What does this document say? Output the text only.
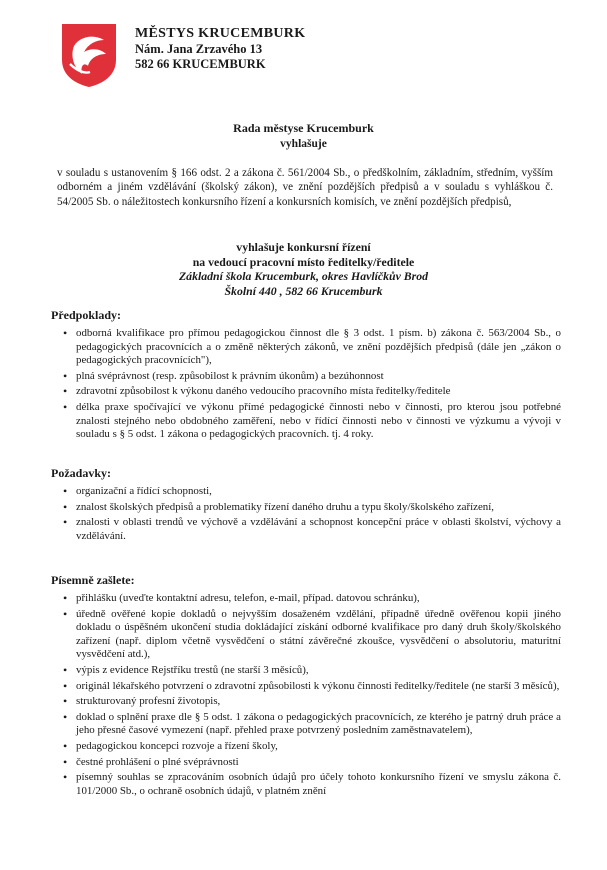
MĚSTYS KRUCEMBURK
Nám. Jana Zrzavého 13
582 66 KRUCEMBURK
Rada městyse Krucemburk
vyhlašuje
v souladu s ustanovením § 166 odst. 2 a zákona č. 561/2004 Sb., o předškolním, základním, středním, vyšším odborném a jiném vzdělávání (školský zákon), ve znění pozdějších předpisů a v souladu s vyhláškou č. 54/2005 Sb. o náležitostech konkursního řízení a konkursních komisích, ve znění pozdějších předpisů,
vyhlašuje konkursní řízení
na vedoucí pracovní místo ředitelky/ředitele
Základní škola Krucemburk, okres Havlíčkův Brod
Školní 440 , 582 66 Krucemburk
Předpoklady:
• odborná kvalifikace pro přímou pedagogickou činnost dle § 3 odst. 1 písm. b) zákona č. 563/2004 Sb., o pedagogických pracovnících a o změně některých zákonů, ve znění pozdějších předpisů (dále jen „zákon o pedagogických pracovnících"),
• plná svéprávnost (resp. způsobilost k právním úkonům) a bezúhonnost
• zdravotní způsobilost k výkonu daného vedoucího pracovního místa ředitelky/ředitele
• délka praxe spočívající ve výkonu přímé pedagogické činnosti nebo v činnosti, pro kterou jsou potřebné znalosti stejného nebo obdobného zaměření, nebo v řídící činnosti nebo v činnosti ve výzkumu a vývoji v souladu s § 5 odst. 1 zákona o pedagogických pracovních. tj. 4 roky.
Požadavky:
• organizační a řídící schopnosti,
• znalost školských předpisů a problematiky řízení daného druhu a typu školy/školského zařízení,
• znalosti v oblasti trendů ve výchově a vzdělávání a schopnost koncepční práce v oblasti školství, výchovy a vzdělávání.
Písemně zašlete:
• přihlášku (uveďte kontaktní adresu, telefon, e-mail, případ. datovou schránku),
• úředně ověřené kopie dokladů o nejvyšším dosaženém vzdělání, případně úředně ověřenou kopii jiného dokladu o úspěšném ukončení studia dokládající získání odborné kvalifikace pro daný druh školy/školského zařízení (např. diplom včetně vysvědčení o státní závěrečné zkoušce, vysvědčení o absolutoriu, maturitní vysvědčení atd.),
• výpis z evidence Rejstříku trestů (ne starší 3 měsíců),
• originál lékařského potvrzení o zdravotní způsobilosti k výkonu činnosti ředitelky/ředitele (ne starší 3 měsíců),
• strukturovaný profesní životopis,
• doklad o splnění praxe dle § 5 odst. 1 zákona o pedagogických pracovnících, ze kterého je patrný druh práce a jeho přesné časové vymezení (např. přehled praxe potvrzený posledním zaměstnavatelem),
• pedagogickou koncepci rozvoje a řízení školy,
• čestné prohlášení o plné svéprávnosti
• písemný souhlas se zpracováním osobních údajů pro účely tohoto konkursního řízení ve smyslu zákona č. 101/2000 Sb., o ochraně osobních údajů, v platném znění
